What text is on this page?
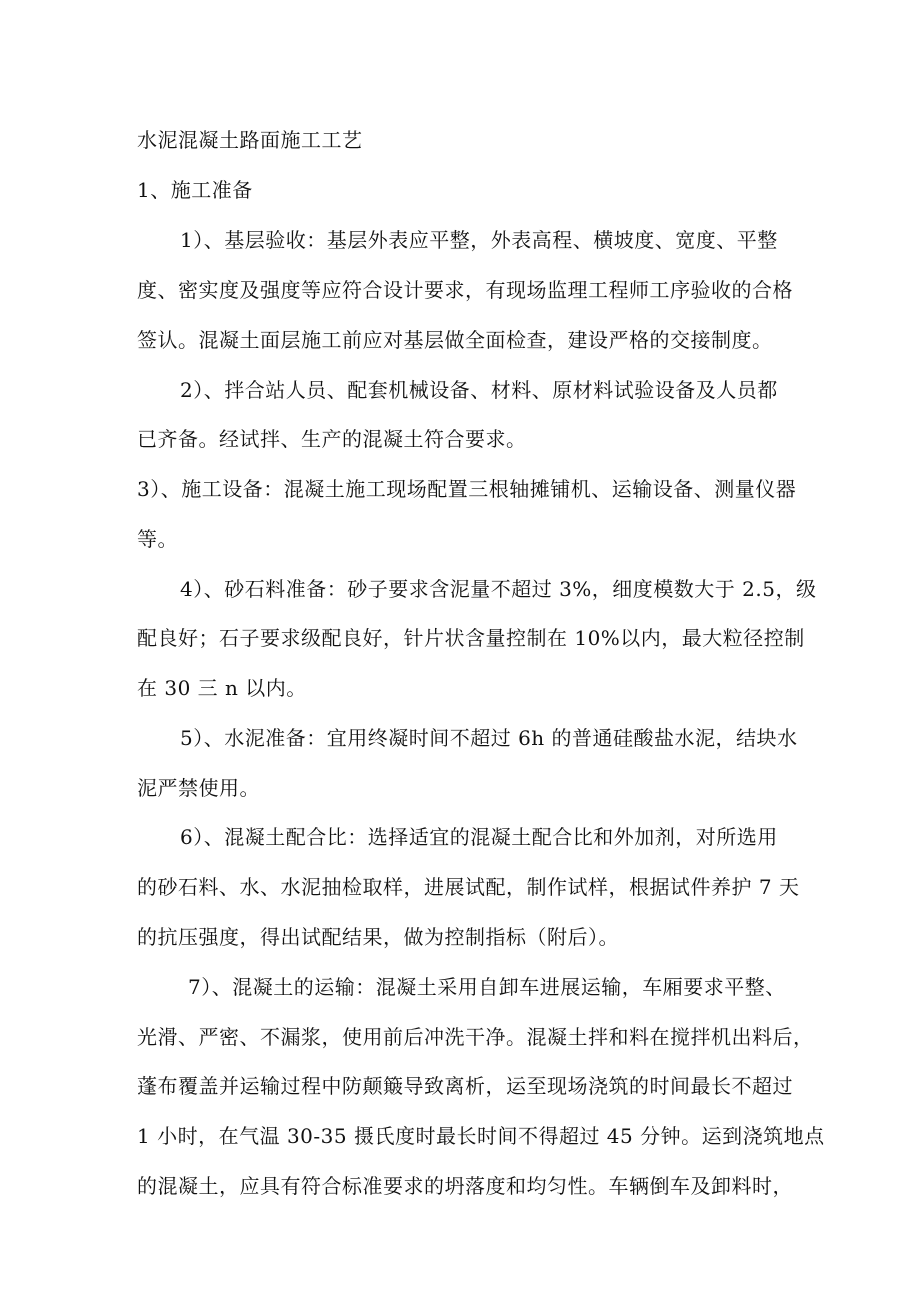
水泥混凝土路面施工工艺
1、施工准备
1）、基层验收：基层外表应平整，外表高程、横坡度、宽度、平整
度、密实度及强度等应符合设计要求，有现场监理工程师工序验收的合格
签认。混凝土面层施工前应对基层做全面检查，建设严格的交接制度。
2）、拌合站人员、配套机械设备、材料、原材料试验设备及人员都
已齐备。经试拌、生产的混凝土符合要求。
3）、施工设备：混凝土施工现场配置三根轴摊铺机、运输设备、测量仪器
等。
4）、砂石料准备：砂子要求含泥量不超过 3%，细度模数大于 2.5，级
配良好；石子要求级配良好，针片状含量控制在 10%以内，最大粒径控制
在 30 三 n 以内。
5）、水泥准备：宜用终凝时间不超过 6h 的普通硅酸盐水泥，结块水
泥严禁使用。
6）、混凝土配合比：选择适宜的混凝土配合比和外加剂，对所选用
的砂石料、水、水泥抽检取样，进展试配，制作试样，根据试件养护 7 天
的抗压强度，得出试配结果，做为控制指标（附后）。
7）、混凝土的运输：混凝土采用自卸车进展运输，车厢要求平整、
光滑、严密、不漏浆，使用前后冲洗干净。混凝土拌和料在搅拌机出料后，
蓬布覆盖并运输过程中防颠簸导致离析，运至现场浇筑的时间最长不超过
1 小时，在气温 30-35 摄氏度时最长时间不得超过 45 分钟。运到浇筑地点
的混凝土，应具有符合标准要求的坍落度和均匀性。车辆倒车及卸料时，
